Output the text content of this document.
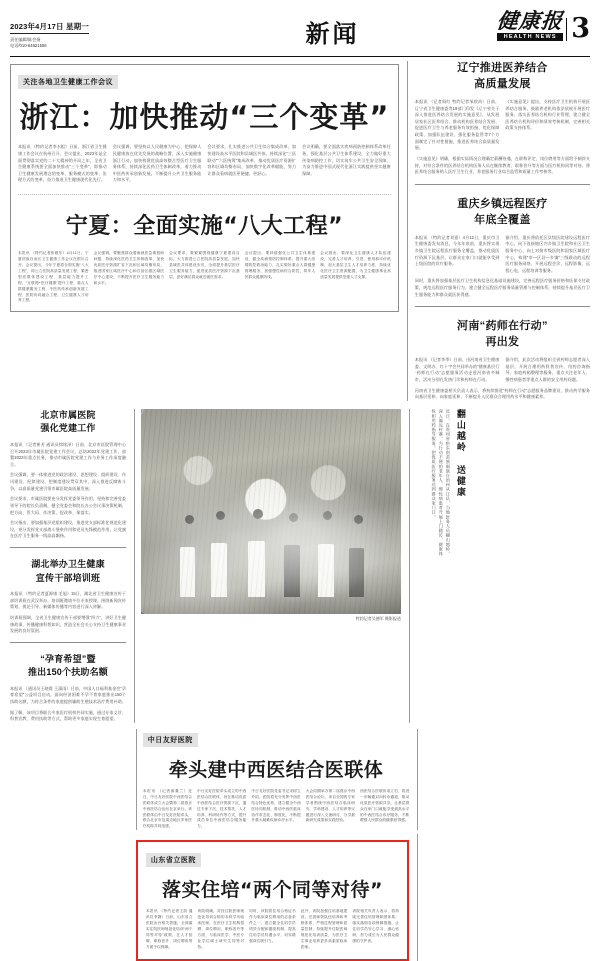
2023年4月17日 星期一
责任编辑/陈会扬
电话/010-64621506	新闻	健康报
HEALTH NEWS 3
关注各地卫生健康工作会议
浙江：加快推动“三个变革”
本报讯 （特约记者李水根）日前，浙江省卫生健康工作会议在杭州召开。会议提出，2023年是全面贯彻落实党的二十大精神的开局之年，全省卫生健康系统要全面加快推动“三个变革”，即推动卫生健康发展理念的变革、服务模式的变革、治理方式的变革，奋力推进卫生健康现代化先行。
会议强调，要坚持以人民健康为中心，把保障人民健康放在优先发展的战略位置，深入实施健康浙江行动，加快构建优质高效整合型医疗卫生服务体系，持续深化医药卫生体制改革，着力推动中医药传承创新发展，不断提升公共卫生服务能力和水平。
会议要求，扎实推进公共卫生综合集成改革，加快建设高水平医院和县域医共体，持续深化“三医联动”“六医统筹”集成改革，推动优质医疗资源扩容和区域均衡布局，加快数字化改革赋能，努力让群众看病就医更便捷、更舒心。
会议明确，要全面落实疾病预防控制体系改革任务，强化基层公共卫生体系建设，全力做好重大传染病防控工作，切实筑牢公共卫生安全屏障，为奋力推进中国式现代化浙江实践提供坚实健康保障。
宁夏：全面实施“八大工程”
本报讯 （特约记者张敬东）4月11日，宁夏回族自治区卫生健康工作会议在银川召开。会议提出，今年宁夏将全面实施“八大工程”，即公立医院高质量发展工程、紧密型医联体建设工程、基层能力提升工程、“互联网+医疗健康”提升工程、重点人群健康服务工程、中医药传承创新发展工程、医防协同融合工程、卫生健康人才培养工程。
会议强调，要聚焦群众看病就医急难愁盼问题，持续深化医药卫生体制改革，加快优质医疗资源扩容下沉和区域均衡布局，推进国家区域医疗中心和自治区级区域医疗中心建设，不断提升医疗卫生服务能力和水平。
会议要求，要紧紧围绕健康宁夏建设目标，大力推进公立医院高质量发展，加快县域医共体建设步伐，全面提升基层医疗卫生服务能力，促进优质医疗资源下沉基层，更好满足群众就近就医需求。
会议提出，要持续强化公共卫生体系建设，健全疾病预防控制体系，提升重大疫情防控救治能力，扎实做好重点人群健康管理服务，加强慢性病综合防控，筑牢人民群众健康防线。
会议指出，要深化卫生健康人才队伍建设，完善人才培养、引进、使用和评价机制，加大基层卫生人才培养力度，持续优化医疗卫生资源配置，为卫生健康事业高质量发展提供坚强人才支撑。
辽宁推进医养结合
高质量发展
本报讯 （记者阎红 特约记者邹欣芮）日前，辽宁省卫生健康委等19部门印发《辽宁省关于深入推进医养结合发展的实施意见》，从发展居家社区医养结合、推动机构医养结合发展、促进医疗卫生与养老服务有效衔接、优化保障政策、加强队伍建设、强化服务监管等7个方面制定了针对性措施，推进医养结合高质量发展。
《实施意见》提出，支持医疗卫生机构开展医养结合服务，鼓励养老机构依法依规开展医疗服务。落实医养结合机构行业管理，建立健全医养结合机构评价和绩效考核机制，完善相关政策支持体系。
《实施意见》明确，根据实际情况合理确定薪酬待遇，在职称评定、岗位聘用等方面给予倾斜支持，对符合条件的医养结合机构医务人员在继续教育、职称晋升等方面与医疗机构同等对待。将医养结合服务纳入医疗卫生行业、养老服务行业综合监管和质量工作考核等。
重庆乡镇远程医疗
年底全覆盖
本报讯 （特约记者刘嘉）4月12日，重庆市卫生健康委发布消息，今年年底前，重庆将实现乡镇卫生院远程医疗服务全覆盖，推动优质医疗资源下沉基层，让群众在家门口就能享受到上级医院的诊疗服务。
据介绍，重庆将依托区县级医院建设远程医疗中心，向下连接辖区内乡镇卫生院和社区卫生服务中心，向上对接市级医院和国家区域医疗中心，构建“市—区县—乡镇”三级联动的远程医疗服务网络，开展远程会诊、远程影像、远程心电、远程培训等服务。
同时，重庆将加强基层医疗卫生机构信息化基础设施建设，完善远程医疗服务价格和医保支付政策，规范远程医疗服务行为，建立健全远程医疗服务质量管理与控制体系，持续提升基层医疗卫生服务能力和群众就医获得感。
河南“药师在行动”
再出发
本报讯 （记者李季）日前，由河南省卫生健康委、文明办、红十字会共同举办的“健康基层行·药师在行动”志愿服务活动走进河南省多城市，活动分别在发热门诊和药师在行动。
据介绍，此次活动将组织全省药师志愿者深入基层，开展合理用药科普宣传、用药咨询指导、家庭药箱整理等服务，重点关注老年人、慢性病患者等重点人群的安全用药问题。
河南省卫生健康委相关负责人表示，将持续推进“药师在行动”志愿服务品牌建设，推动药学服务向基层延伸、向家庭延伸，不断提升人民群众合理用药水平和健康素养。
北京市属医院
强化党建工作
本报讯 （记者崔芳 通讯员徐铭泽）日前，北京市医院管理中心召开2023年市属医院党建工作会议，总结2022年党建工作，部署2023年重点任务，推动市属医院党建工作与业务工作深度融合。
会议强调，要一体推进党的政治建设、思想建设、组织建设、作风建设、纪律建设，把制度建设贯穿其中，深入推进反腐败斗争，以高质量党建引领市属医院高质量发展。
会议要求，市属医院要充分发挥党委领导作用，坚持和完善党委领导下的院长负责制，健全党委会和院长办公会议事决策机制，把方向、管大局、作决策、促改革、保落实。
会议指出，要加强基层党组织建设，推进党支部标准化规范化建设，充分发挥党支部战斗堡垒作用和党员先锋模范作用，让党旗在医疗卫生服务一线高高飘扬。
湖北举办卫生健康
宣传干部培训班
本报讯 （特约记者夏源康 毛旭）15日，湖北省卫生健康宣传干部培训班在武汉举办。培训班邀请多位专家授课，围绕新闻宣传策划、舆论引导、新媒体传播等内容进行深入讲解。
培训班强调，全省卫生健康宣传干部要增强“四力”，讲好卫生健康故事，传播健康科普知识，营造全社会关心支持卫生健康事业发展的良好氛围。
“孕育希望”暨
推出150个扶助名额
本报讯 （通讯员王晓霞 王潇雨）日前，中国人口福利基金会“孕育希望”公益项目启动，面向经济困难不孕不育家庭推出150个扶助名额，为符合条件的家庭提供辅助生殖技术治疗费用补助。
据了解，该项目将联合多家医疗机构共同实施，通过专家义诊、科普宣教、费用扶助等方式，帮助更多家庭实现生育愿望。
特约记者吴德军 摄影报道
近日，在贵州省黔东南苗族侗族自治州从江县，当地医务人员翻山越岭，深入偏远村寨，为行动不便的老年人、慢性病患者开展上门随访、健康体检和用药指导服务，把优质医疗服务送到群众家门口。	翻山越岭 送健康
中日友好医院
牵头建中西医结合医联体
本报讯 （记者薛董兰）近日，中日友好医院中西医结合医联体成立大会暨第二届燕京中西医结合论坛在京举行。该医联体由中日友好医院牵头，联合北京市及周边地区多家医疗机构共同组建。
中日友好医院牵头成立的中西医结合医联体，旨在推动优质中西医结合医疗资源下沉，通过专家下沉、技术帮扶、人才培养、科研协作等方式，提升成员单位中西医结合服务能力。
中日友好医院党委书记宋树立介绍，医院将充分发挥中西医结合特色优势，建立健全中西医协同机制，推动中西医临床协作常态化、制度化，不断提升重大疑难疾病诊疗水平。
大会同期举办第二届燕京中西医结合论坛，来自全国的专家学者围绕中西医结合临床研究、学科建设、人才培养等议题进行深入交流研讨，分享最新研究成果和实践经验。
西医结合医联体成立后，将进一步畅通双向转诊通道，推动优质医疗资源共享，让基层群众在家门口就能享受到高水平的中西医结合诊疗服务，不断增强人民群众的健康获得感。
山东省立医院
落实住培“两个同等对待”
本报讯 （特约记者王凯 通讯员李静）日前，山东省立医院出台相关措施，全面落实住院医师规范化培训“两个同等对待”政策，在人才招聘、职称晋升、岗位聘用等方面予以保障。
该院明确，对经住院医师规范化培训合格的本科学历临床医师，在医疗卫生机构招聘、岗位聘用、职称晋升等方面，与临床医学、中医专业学位硕士研究生同等对待。
同时，该院将住培合格证书作为临床岗位聘用的必备条件之一，建立健全住培学员绩效分配和激励机制，提高住培学员待遇水平，切实增强岗位吸引力。
此外，该院加强住培基地建设，完善师资队伍培养和考核体系，严格过程管理和质量控制，持续提升住院医师规范化培训质量，为医疗卫生事业培养更多高素质临床医师。
该院相关负责人表示，将持续完善住培管理制度体系，落实落细各项保障措施，让住培学员安心学习、潜心钻研，努力成长为人民群众健康的守护者。
